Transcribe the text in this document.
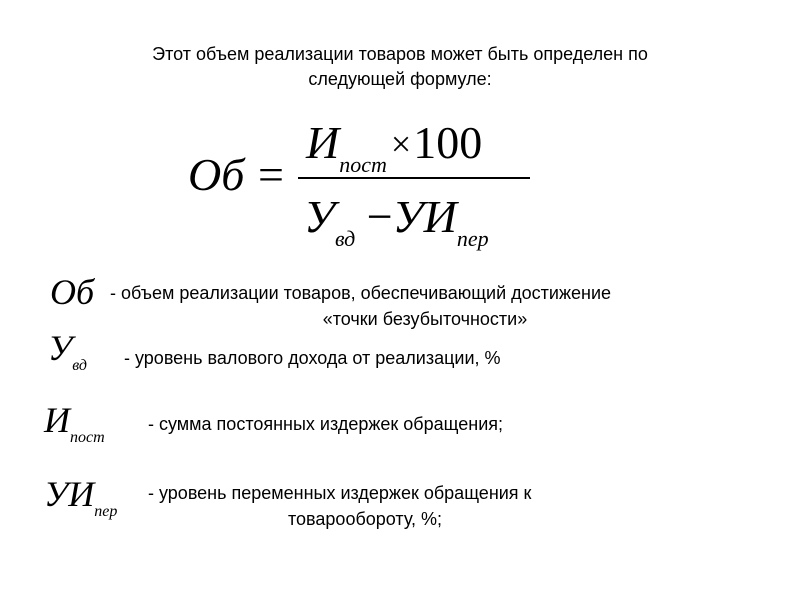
Этот объем реализации товаров может быть определен по
следующей формуле:
Об =
$И_{пост}\times 100$
$У_{вд} -УИ_{пер}$
Об - объем реализации товаров, обеспечивающий достижение
«точки безубыточности»
$У_{вд}$ - уровень валового дохода от реализации, %
$И_{пост}$
- сумма постоянных издержек обращения;
$УИ_{пер}$
- уровень переменных издержек обращения к
товарообороту, %;
